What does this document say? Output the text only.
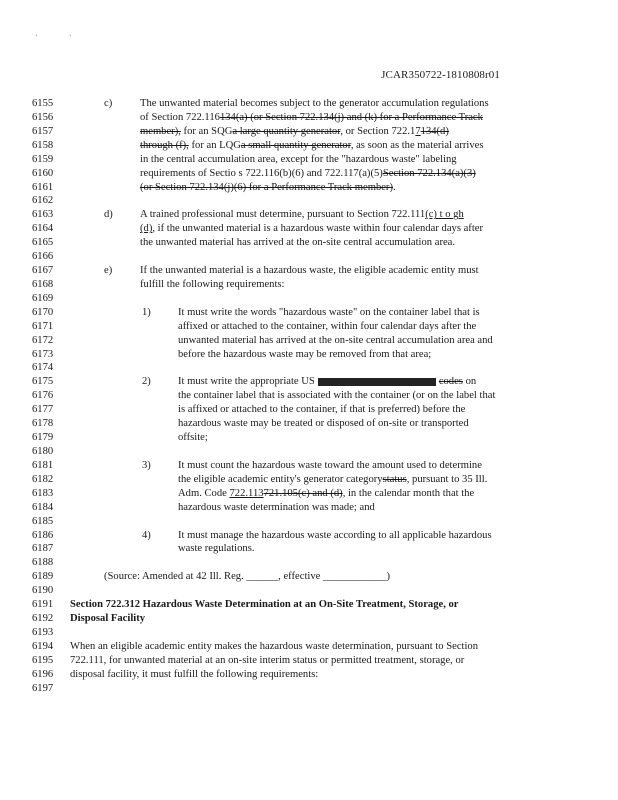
'	'
JCAR350722-1810808r01
6155	c)	The unwanted material becomes subject to the generator accumulation regulations
6156	of Section 722.116134(a) (or Section 722.134(j) and (k) for a Performance Track
6157	member), for an SQGa large quantity generator, or Section 722.17134(d)
6158	through (f), for an LQGa small quantity generator, as soon as the material arrives
6159	in the central accumulation area, except for the "hazardous waste" labeling
6160	requirements of Sectio s 722.116(b)(6) and 722.117(a)(5)Section 722.134(a)(3)
6161	(or Section 722.134(j)(6) for a Performance Track member).
6162
6163	d)	A trained professional must determine, pursuant to Section 722.111(c) t o gh
6164	(d), if the unwanted material is a hazardous waste within four calendar days after
6165	the unwanted material has arrived at the on-site central accumulation area.
6166
6167	e)	If the unwanted material is a hazardous waste, the eligible academic entity must
6168	fulfill the following requirements:
6169
6170	1)	It must write the words "hazardous waste" on the container label that is
6171	affixed or attached to the container, within four calendar days after the
6172	unwanted material has arrived at the on-site central accumulation area and
6173	before the hazardous waste may be removed from that area;
6174
6175	2)	It must write the appropriate US	codes on
6176	the container label that is associated with the container (or on the label that
6177	is affixed or attached to the container, if that is preferred) before the
6178	hazardous waste may be treated or disposed of on-site or transported
6179	offsite;
6180
6181	3)	It must count the hazardous waste toward the amount used to determine
6182	the eligible academic entity's generator categorystatus, pursuant to 35 Ill.
6183	Adm. Code 722.113721.105(c) and (d), in the calendar month that the
6184	hazardous waste determination was made; and
6185
6186	4)	It must manage the hazardous waste according to all applicable hazardous
6187	waste regulations.
6188
6189	(Source: Amended at 42 Ill. Reg. ______, effective ____________)
6190
6191	Section 722.312 Hazardous Waste Determination at an On-Site Treatment, Storage, or
6192	Disposal Facility
6193
6194	When an eligible academic entity makes the hazardous waste determination, pursuant to Section
6195	722.111, for unwanted material at an on-site interim status or permitted treatment, storage, or
6196	disposal facility, it must fulfill the following requirements:
6197
